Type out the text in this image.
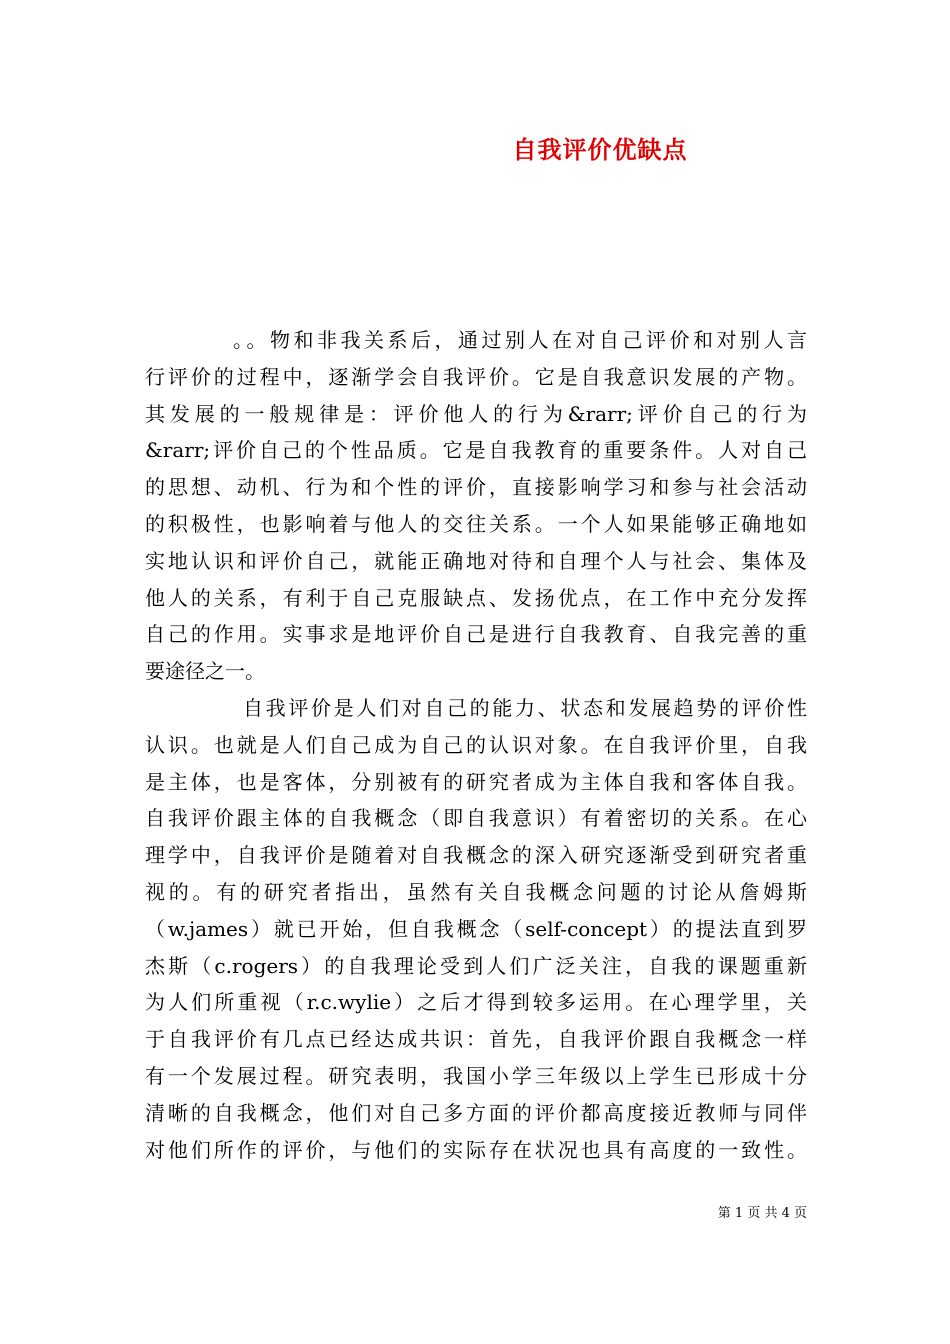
自我评价优缺点
。。物和非我关系后，通过别人在对自己评价和对别人言
行评价的过程中，逐渐学会自我评价。它是自我意识发展的产物。
其发展的一般规律是：评价他人的行为&rarr;评价自己的行为
&rarr;评价自己的个性品质。它是自我教育的重要条件。人对自己
的思想、动机、行为和个性的评价，直接影响学习和参与社会活动
的积极性，也影响着与他人的交往关系。一个人如果能够正确地如
实地认识和评价自己，就能正确地对待和自理个人与社会、集体及
他人的关系，有利于自己克服缺点、发扬优点，在工作中充分发挥
自己的作用。实事求是地评价自己是进行自我教育、自我完善的重
要途径之一。
自我评价是人们对自己的能力、状态和发展趋势的评价性
认识。也就是人们自己成为自己的认识对象。在自我评价里，自我
是主体，也是客体，分别被有的研究者成为主体自我和客体自我。
自我评价跟主体的自我概念（即自我意识）有着密切的关系。在心
理学中，自我评价是随着对自我概念的深入研究逐渐受到研究者重
视的。有的研究者指出，虽然有关自我概念问题的讨论从詹姆斯
（w.james）就已开始，但自我概念（self-concept）的提法直到罗
杰斯（c.rogers）的自我理论受到人们广泛关注，自我的课题重新
为人们所重视（r.c.wylie）之后才得到较多运用。在心理学里，关
于自我评价有几点已经达成共识：首先，自我评价跟自我概念一样
有一个发展过程。研究表明，我国小学三年级以上学生已形成十分
清晰的自我概念，他们对自己多方面的评价都高度接近教师与同伴
对他们所作的评价，与他们的实际存在状况也具有高度的一致性。
第 1 页 共 4 页
